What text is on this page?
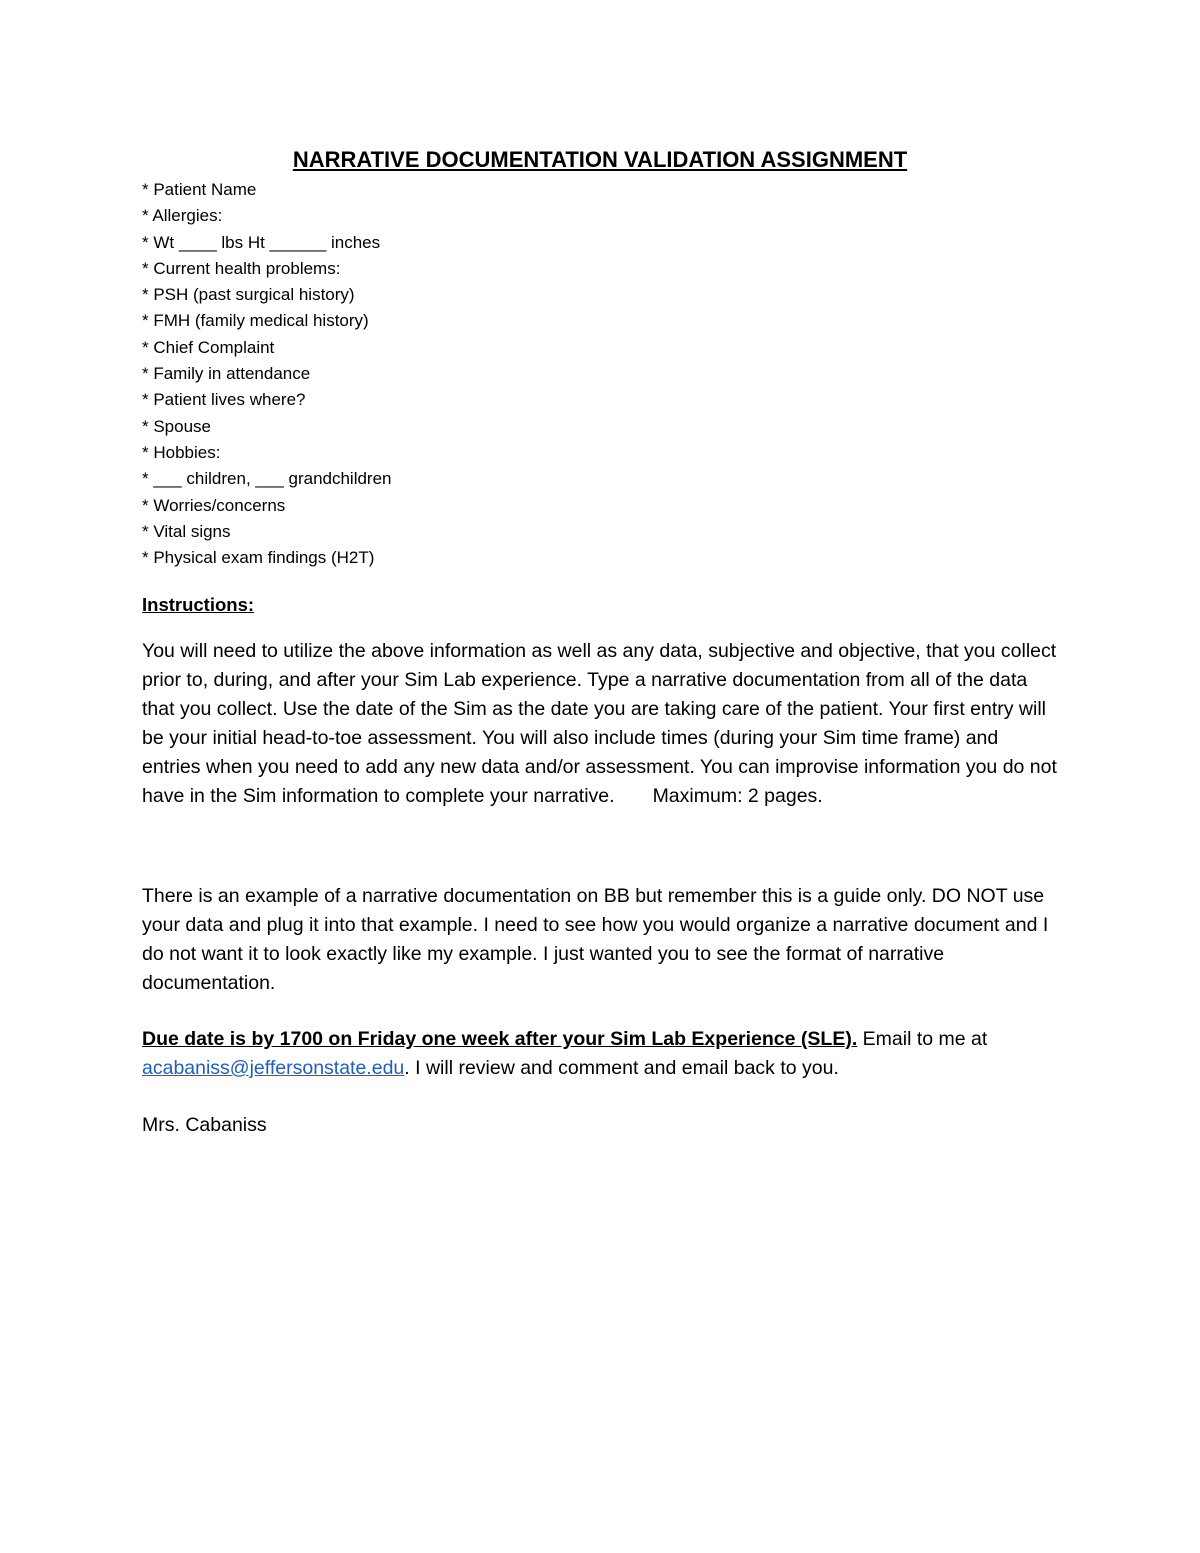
NARRATIVE DOCUMENTATION VALIDATION ASSIGNMENT
* Patient Name
* Allergies:
* Wt ____ lbs Ht ______ inches
* Current health problems:
* PSH (past surgical history)
* FMH (family medical history)
* Chief Complaint
* Family in attendance
* Patient lives where?
* Spouse
* Hobbies:
* ___ children, ___ grandchildren
* Worries/concerns
* Vital signs
* Physical exam findings (H2T)
Instructions:

You will need to utilize the above information as well as any data, subjective and objective, that you collect prior to, during, and after your Sim Lab experience. Type a narrative documentation from all of the data that you collect. Use the date of the Sim as the date you are taking care of the patient. Your first entry will be your initial head-to-toe assessment. You will also include times (during your Sim time frame) and entries when you need to add any new data and/or assessment. You can improvise information you do not have in the Sim information to complete your narrative. Maximum: 2 pages.

There is an example of a narrative documentation on BB but remember this is a guide only. DO NOT use your data and plug it into that example. I need to see how you would organize a narrative document and I do not want it to look exactly like my example. I just wanted you to see the format of narrative documentation.

Due date is by 1700 on Friday one week after your Sim Lab Experience (SLE). Email to me at acabaniss@jeffersonstate.edu. I will review and comment and email back to you.

Mrs. Cabaniss
